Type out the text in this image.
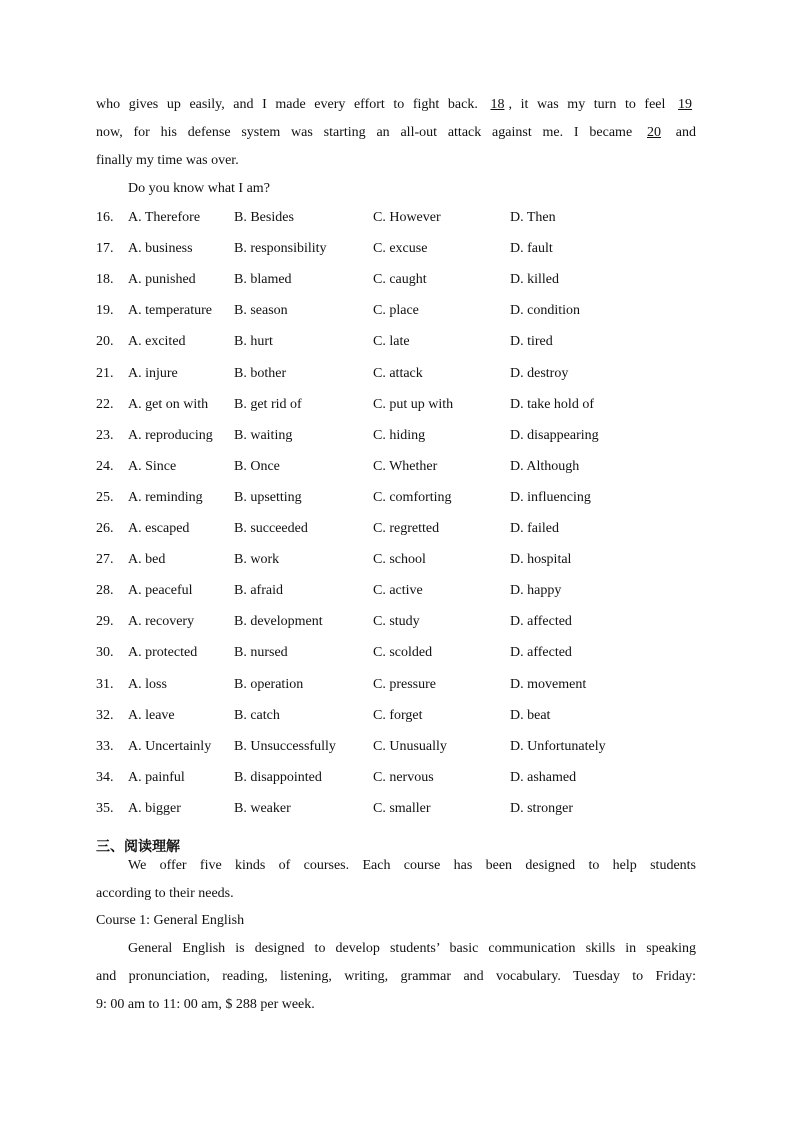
who gives up easily, and I made every effort to fight back. 18 , it was my turn to feel 19
now, for his defense system was starting an all-out attack against me. I became 20 and
finally my time was over.
Do you know what I am?
16. A. Therefore B. Besides	C. However	D. Then
17. A. business	B. responsibility	C. excuse	D. fault
18. A. punished	B. blamed	C. caught	D. killed
19. A. temperature B. season	C. place	D. condition
20. A. excited	B. hurt	C. late	D. tired
21. A. injure	B. bother	C. attack	D. destroy
22. A. get on with B. get rid of	C. put up with	D. take hold of
23. A. reproducing B. waiting	C. hiding	D. disappearing
24. A. Since	B. Once	C. Whether	D. Although
25. A. reminding B. upsetting	C. comforting	D. influencing
26. A. escaped	B. succeeded	C. regretted	D. failed
27. A. bed	B. work	C. school	D. hospital
28. A. peaceful	B. afraid	C. active	D. happy
29. A. recovery	B. development	C. study	D. affected
30. A. protected	B. nursed	C. scolded	D. affected
31. A. loss	B. operation	C. pressure	D. movement
32. A. leave	B. catch	C. forget	D. beat
33. A. Uncertainly B. Unsuccessfully	C. Unusually	D. Unfortunately
34. A. painful	B. disappointed	C. nervous	D. ashamed
35. A. bigger	B. weaker	C. smaller	D. stronger
三、阅读理解
We offer five kinds of courses. Each course has been designed to help students
according to their needs.
Course 1: General English
General English is designed to develop students’ basic communication skills in speaking
and pronunciation, reading, listening, writing, grammar and vocabulary. Tuesday to Friday:
9: 00 am to 11: 00 am, $ 288 per week.
